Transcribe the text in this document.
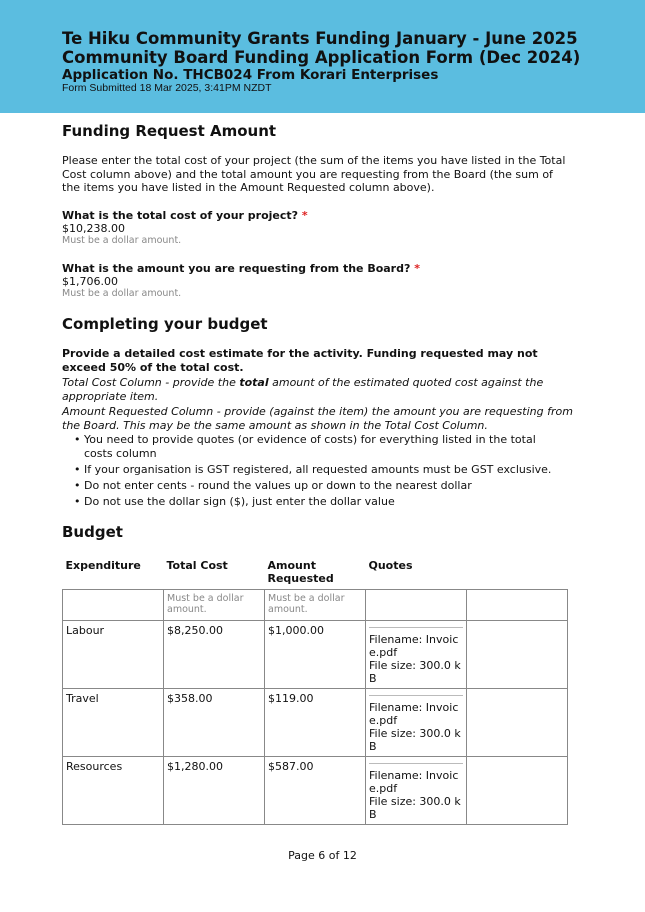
Te Hiku Community Grants Funding January - June 2025
Community Board Funding Application Form (Dec 2024)
Application No. THCB024 From Korari Enterprises
Form Submitted 18 Mar 2025, 3:41PM NZDT
Funding Request Amount
Please enter the total cost of your project (the sum of the items you have listed in the Total Cost column above) and the total amount you are requesting from the Board (the sum of the items you have listed in the Amount Requested column above).
What is the total cost of your project? *
$10,238.00
Must be a dollar amount.
What is the amount you are requesting from the Board? *
$1,706.00
Must be a dollar amount.
Completing your budget
Provide a detailed cost estimate for the activity. Funding requested may not exceed 50% of the total cost.
Total Cost Column - provide the total amount of the estimated quoted cost against the appropriate item.
Amount Requested Column - provide (against the item) the amount you are requesting from the Board. This may be the same amount as shown in the Total Cost Column.
• You need to provide quotes (or evidence of costs) for everything listed in the total costs column
• If your organisation is GST registered, all requested amounts must be GST exclusive.
• Do not enter cents - round the values up or down to the nearest dollar
• Do not use the dollar sign ($), just enter the dollar value
Budget
Expenditure	Total Cost	Amount Requested	Quotes	
	Must be a dollar amount.	Must be a dollar amount.		
Labour	$8,250.00	$1,000.00	Filename: Invoice.pdf
File size: 300.0 kB	

Travel	$358.00	$119.00	Filename: Invoice.pdf
File size: 300.0 kB	

Resources	$1,280.00	$587.00	Filename: Invoice.pdf
File size: 300.0 kB	

Page 6 of 12
